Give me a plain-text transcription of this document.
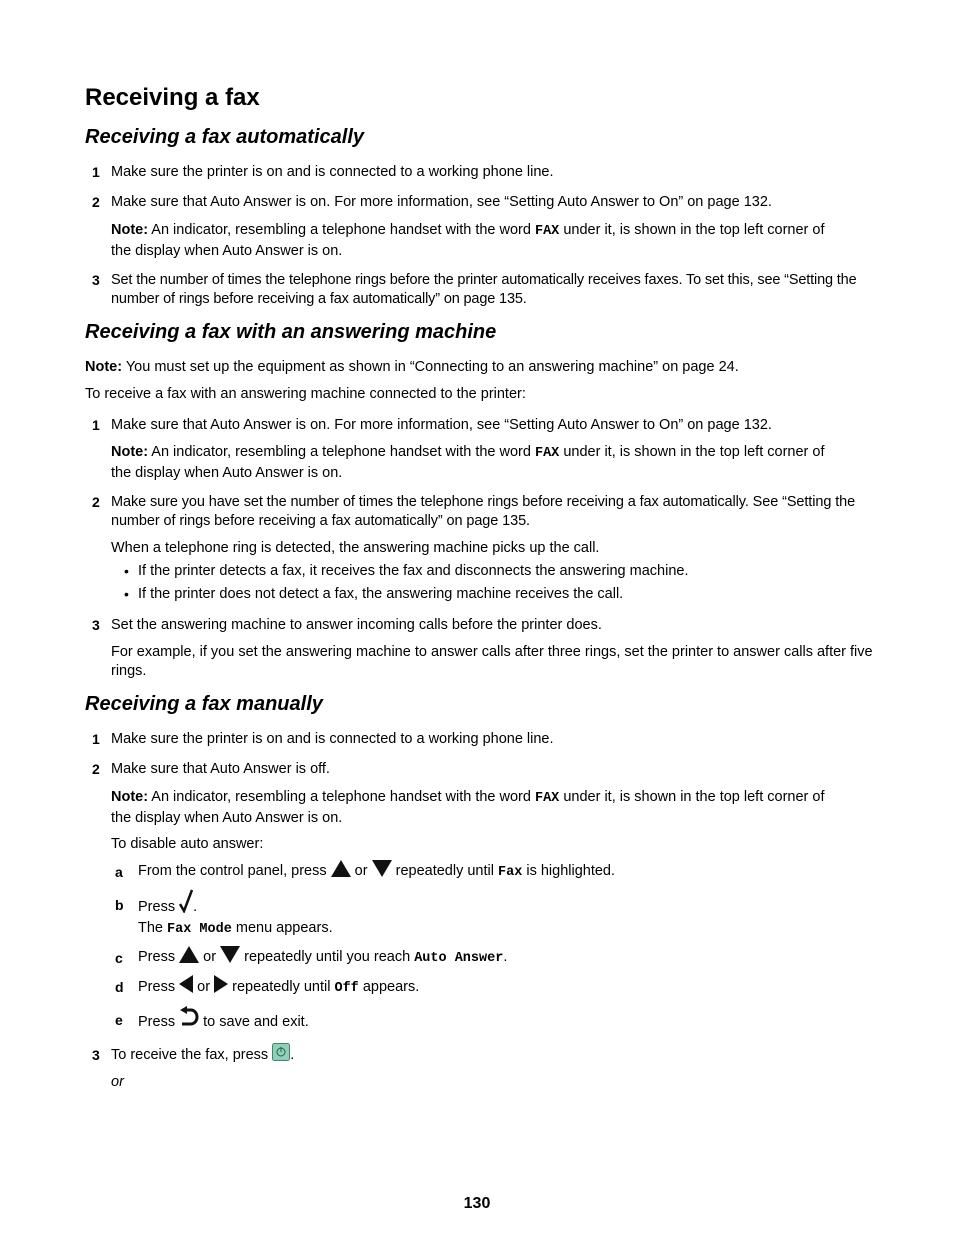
Receiving a fax
Receiving a fax automatically
1 Make sure the printer is on and is connected to a working phone line.
2 Make sure that Auto Answer is on. For more information, see “Setting Auto Answer to On” on page 132.
Note: An indicator, resembling a telephone handset with the word FAX under it, is shown in the top left corner of
the display when Auto Answer is on.
3 Set the number of times the telephone rings before the printer automatically receives faxes. To set this, see “Setting the number of rings before receiving a fax automatically” on page 135.
Receiving a fax with an answering machine
Note: You must set up the equipment as shown in “Connecting to an answering machine” on page 24.
To receive a fax with an answering machine connected to the printer:
1 Make sure that Auto Answer is on. For more information, see “Setting Auto Answer to On” on page 132.
Note: An indicator, resembling a telephone handset with the word FAX under it, is shown in the top left corner of
the display when Auto Answer is on.
2 Make sure you have set the number of times the telephone rings before receiving a fax automatically. See “Setting the number of rings before receiving a fax automatically” on page 135.
When a telephone ring is detected, the answering machine picks up the call.
• If the printer detects a fax, it receives the fax and disconnects the answering machine.
• If the printer does not detect a fax, the answering machine receives the call.
3 Set the answering machine to answer incoming calls before the printer does.
For example, if you set the answering machine to answer calls after three rings, set the printer to answer calls after five rings.
Receiving a fax manually
1 Make sure the printer is on and is connected to a working phone line.
2 Make sure that Auto Answer is off.
Note: An indicator, resembling a telephone handset with the word FAX under it, is shown in the top left corner of
the display when Auto Answer is on.
To disable auto answer:
a From the control panel, press or repeatedly until Fax is highlighted.
b Press .
The Fax Mode menu appears.
c Press or repeatedly until you reach Auto Answer.
d Press or repeatedly until Off appears.
e Press to save and exit.
3 To receive the fax, press .
or
130
